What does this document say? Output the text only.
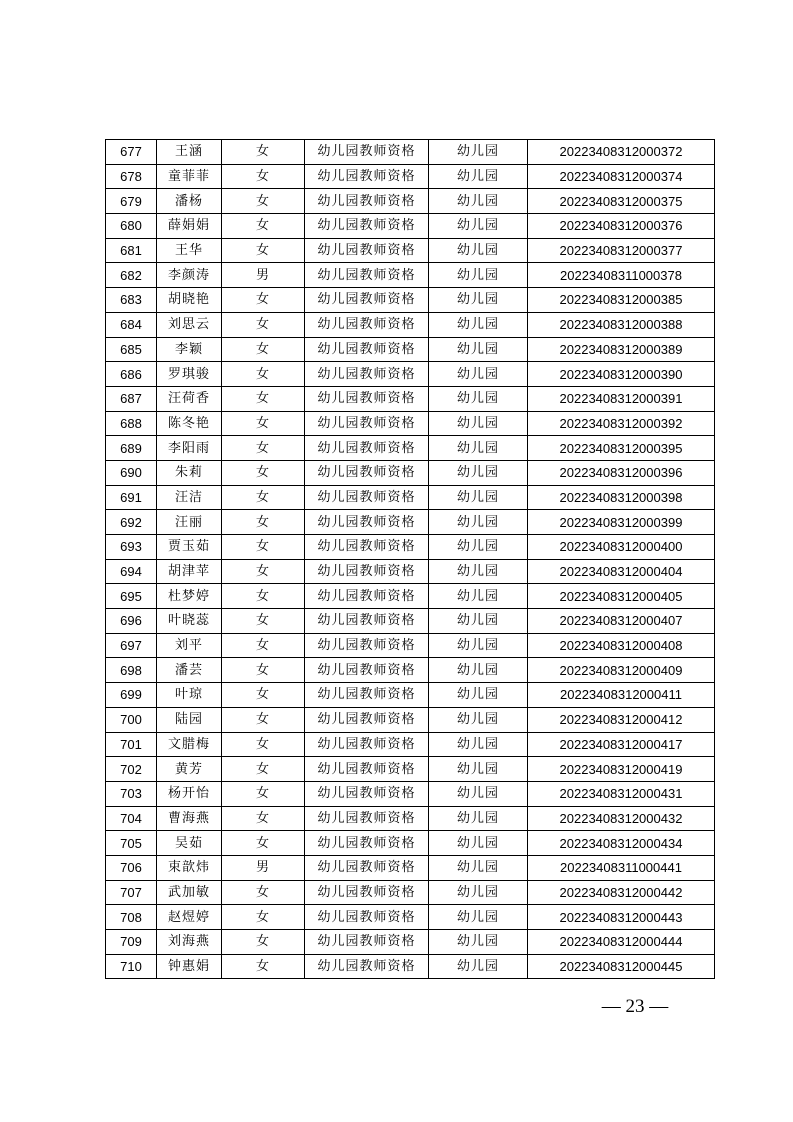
677	王涵	女	幼儿园教师资格	幼儿园	20223408312000372
678	童菲菲	女	幼儿园教师资格	幼儿园	20223408312000374
679	潘杨	女	幼儿园教师资格	幼儿园	20223408312000375
680	薛娟娟	女	幼儿园教师资格	幼儿园	20223408312000376
681	王华	女	幼儿园教师资格	幼儿园	20223408312000377
682	李颜涛	男	幼儿园教师资格	幼儿园	20223408311000378
683	胡晓艳	女	幼儿园教师资格	幼儿园	20223408312000385
684	刘思云	女	幼儿园教师资格	幼儿园	20223408312000388
685	李颖	女	幼儿园教师资格	幼儿园	20223408312000389
686	罗琪骏	女	幼儿园教师资格	幼儿园	20223408312000390
687	汪荷香	女	幼儿园教师资格	幼儿园	20223408312000391
688	陈冬艳	女	幼儿园教师资格	幼儿园	20223408312000392
689	李阳雨	女	幼儿园教师资格	幼儿园	20223408312000395
690	朱莉	女	幼儿园教师资格	幼儿园	20223408312000396
691	汪洁	女	幼儿园教师资格	幼儿园	20223408312000398
692	汪丽	女	幼儿园教师资格	幼儿园	20223408312000399
693	贾玉茹	女	幼儿园教师资格	幼儿园	20223408312000400
694	胡津苹	女	幼儿园教师资格	幼儿园	20223408312000404
695	杜梦婷	女	幼儿园教师资格	幼儿园	20223408312000405
696	叶晓蕊	女	幼儿园教师资格	幼儿园	20223408312000407
697	刘平	女	幼儿园教师资格	幼儿园	20223408312000408
698	潘芸	女	幼儿园教师资格	幼儿园	20223408312000409
699	叶琼	女	幼儿园教师资格	幼儿园	20223408312000411
700	陆园	女	幼儿园教师资格	幼儿园	20223408312000412
701	文腊梅	女	幼儿园教师资格	幼儿园	20223408312000417
702	黄芳	女	幼儿园教师资格	幼儿园	20223408312000419
703	杨开怡	女	幼儿园教师资格	幼儿园	20223408312000431
704	曹海燕	女	幼儿园教师资格	幼儿园	20223408312000432
705	吴茹	女	幼儿园教师资格	幼儿园	20223408312000434
706	束歆炜	男	幼儿园教师资格	幼儿园	20223408311000441
707	武加敏	女	幼儿园教师资格	幼儿园	20223408312000442
708	赵煜婷	女	幼儿园教师资格	幼儿园	20223408312000443
709	刘海燕	女	幼儿园教师资格	幼儿园	20223408312000444
710	钟惠娟	女	幼儿园教师资格	幼儿园	20223408312000445
— 23 —
